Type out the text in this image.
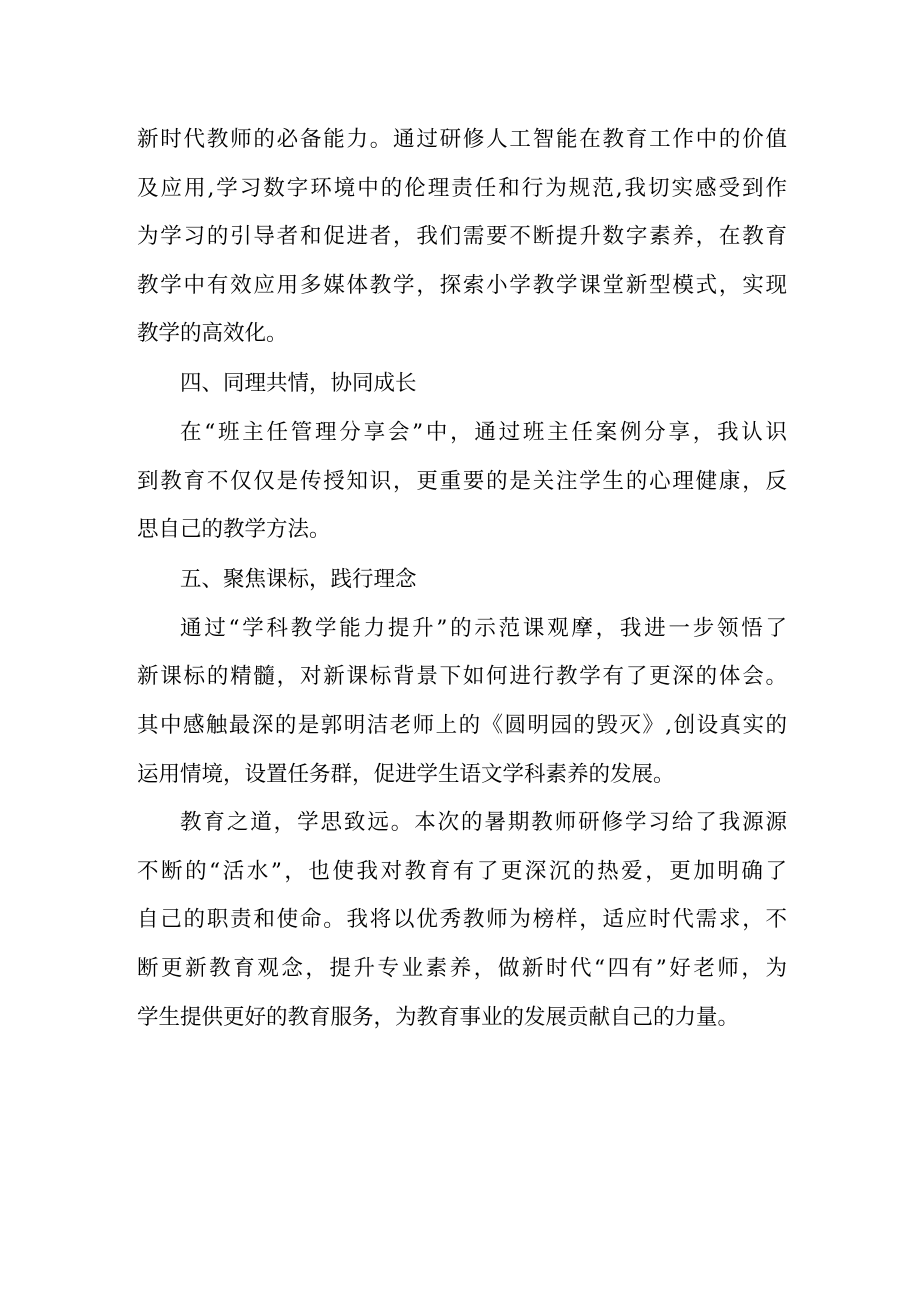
新时代教师的必备能力。通过研修人工智能在教育工作中的价值
及应用,学习数字环境中的伦理责任和行为规范,我切实感受到作
为学习的引导者和促进者，我们需要不断提升数字素养，在教育
教学中有效应用多媒体教学，探索小学教学课堂新型模式，实现
教学的高效化。
四、同理共情，协同成长
在“班主任管理分享会”中，通过班主任案例分享，我认识
到教育不仅仅是传授知识，更重要的是关注学生的心理健康，反
思自己的教学方法。
五、聚焦课标，践行理念
通过“学科教学能力提升”的示范课观摩，我进一步领悟了
新课标的精髓，对新课标背景下如何进行教学有了更深的体会。
其中感触最深的是郭明洁老师上的《圆明园的毁灭》,创设真实的
运用情境，设置任务群，促进学生语文学科素养的发展。
教育之道，学思致远。本次的暑期教师研修学习给了我源源
不断的“活水”，也使我对教育有了更深沉的热爱，更加明确了
自己的职责和使命。我将以优秀教师为榜样，适应时代需求，不
断更新教育观念，提升专业素养，做新时代“四有”好老师，为
学生提供更好的教育服务，为教育事业的发展贡献自己的力量。
